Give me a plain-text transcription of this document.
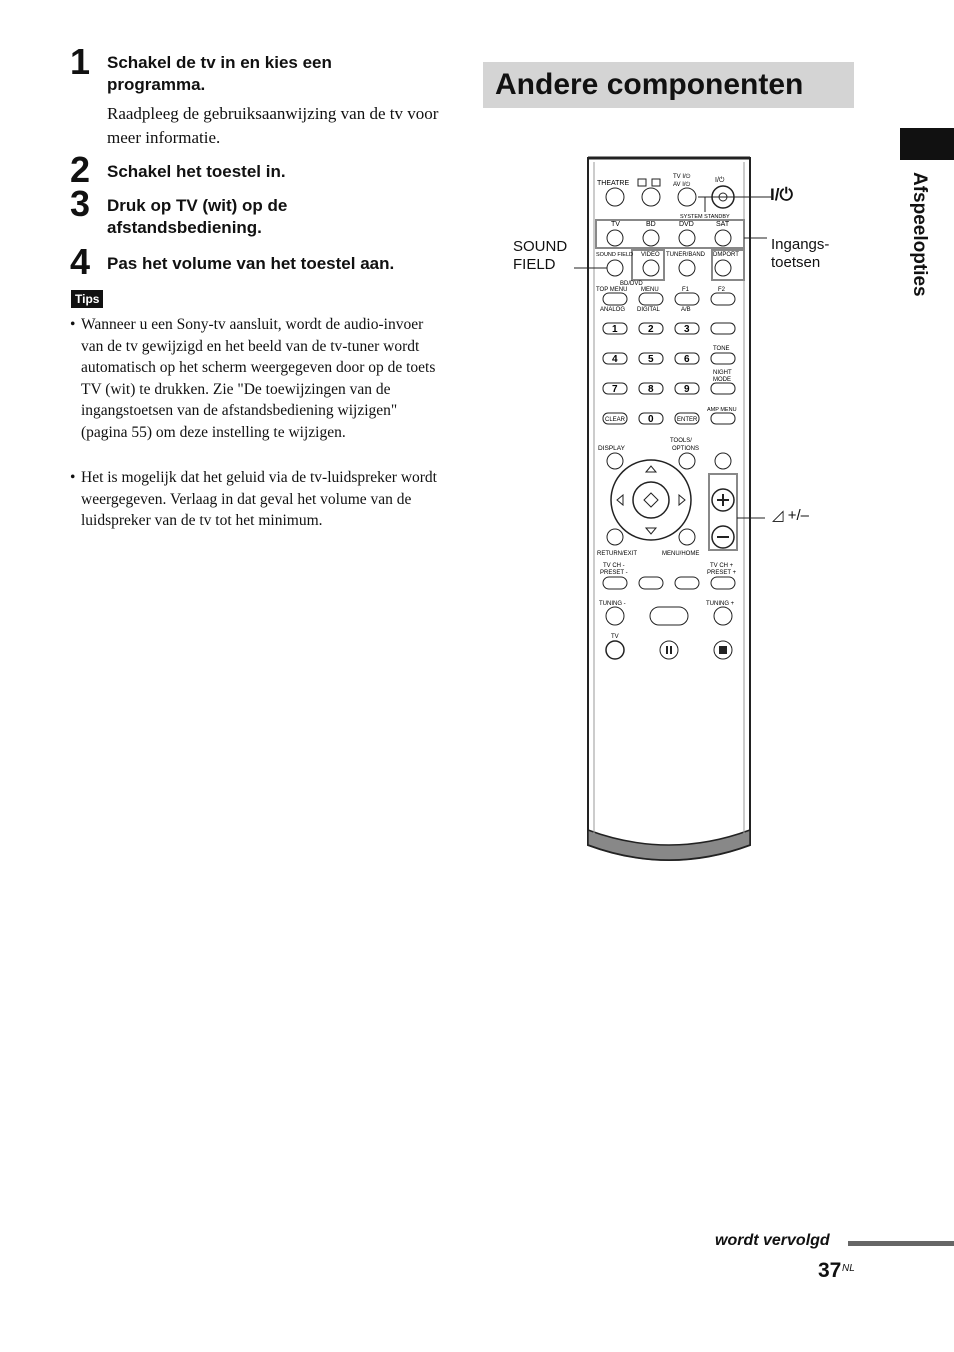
1 Schakel de tv in en kies een programma.
Raadpleeg de gebruiksaanwijzing van de tv voor meer informatie.
2 Schakel het toestel in.
3 Druk op TV (wit) op de afstandsbediening.
4 Pas het volume van het toestel aan.
Tips
• Wanneer u een Sony-tv aansluit, wordt de audio-invoer van de tv gewijzigd en het beeld van de tv-tuner wordt automatisch op het scherm weergegeven door op de toets TV (wit) te drukken. Zie "De toewijzingen van de ingangstoetsen van de afstandsbediening wijzigen" (pagina 55) om deze instelling te wijzigen.
• Het is mogelijk dat het geluid via de tv-luidspreker wordt weergegeven. Verlaag in dat geval het volume van de luidspreker van de tv tot het minimum.
Andere componenten
Afspeelopties
I/⏻
SOUND
FIELD
Ingangs-
toetsen
◿ +/–
THEATRE
TV I/⏻
AV I/⏻
I/⏻
SYSTEM STANDBY
TV	BD	DVD	SAT
SOUND FIELD VIDEO TUNER/BAND DMPORT
BD/DVD
TOP MENU MENU	F1	F2
ANALOG DIGITAL	A/B
1	2	3
TONE
4	5	6
NIGHT
MODE
7	8	9
AMP MENU
CLEAR 0	ENTER
DISPLAY
TOOLS/
OPTIONS
RETURN/EXIT	MENU/HOME
TV CH -
PRESET -
TV CH +
PRESET +
TUNING -	TUNING +
TV
wordt vervolgd
37 NL
